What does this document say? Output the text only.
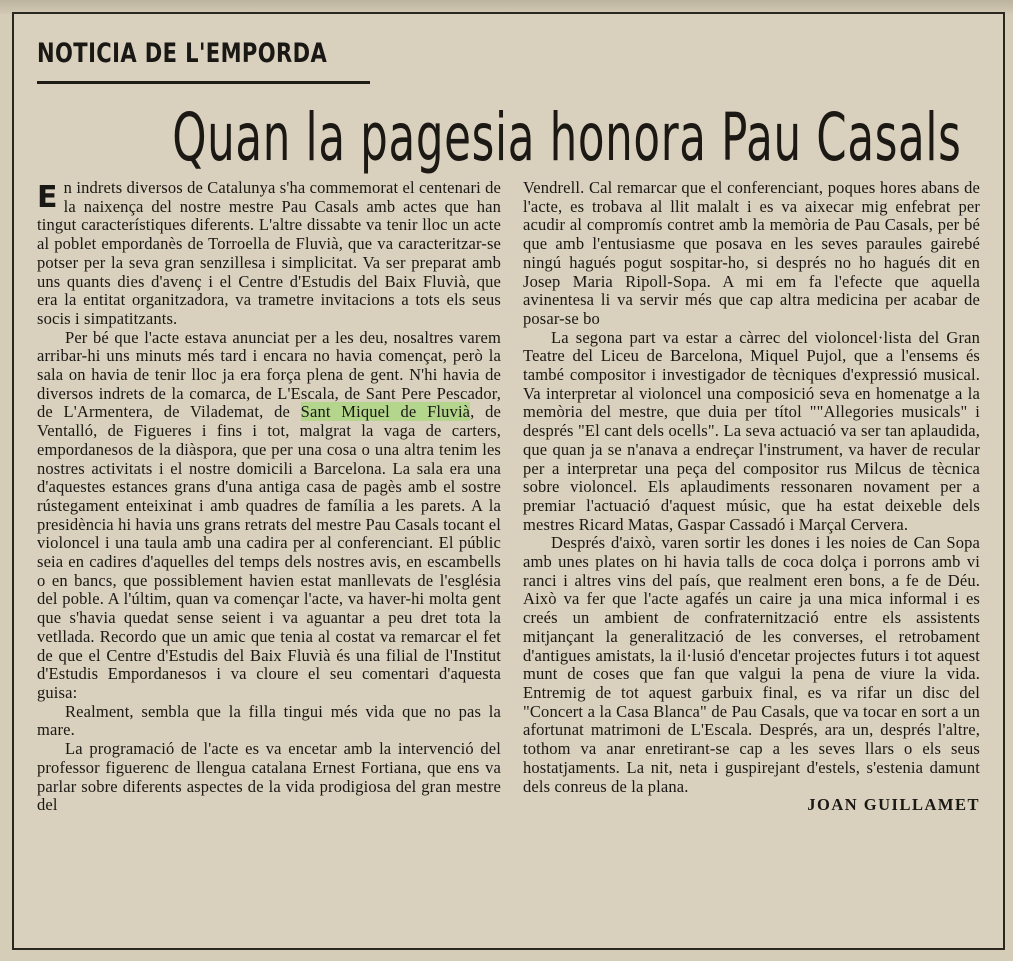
NOTICIA DE L'EMPORDA
Quan la pagesia honora Pau Casals

En indrets diversos de Catalunya s'ha commemorat el centenari de la naixença del nostre mestre Pau Casals amb actes que han tingut característiques diferents. L'altre dissabte va tenir lloc un acte al poblet empordanès de Torroella de Fluvià, que va caracteritzar-se potser per la seva gran senzillesa i simplicitat. Va ser preparat amb uns quants dies d'avenç i el Centre d'Estudis del Baix Fluvià, que era la entitat organitzadora, va trametre invitacions a tots els seus socis i simpatitzants.

Per bé que l'acte estava anunciat per a les deu, nosaltres varem arribar-hi uns minuts més tard i encara no havia començat, però la sala on havia de tenir lloc ja era força plena de gent. N'hi havia de diversos indrets de la comarca, de L'Escala, de Sant Pere Pescador, de L'Armentera, de Vilademat, de Sant Miquel de Fluvià, de Ventalló, de Figueres i fins i tot, malgrat la vaga de carters, empordanesos de la diàspora, que per una cosa o una altra tenim les nostres activitats i el nostre domicili a Barcelona. La sala era una d'aquestes estances grans d'una antiga casa de pagès amb el sostre rústegament enteixinat i amb quadres de família a les parets. A la presidència hi havia uns grans retrats del mestre Pau Casals tocant el violoncel i una taula amb una cadira per al conferenciant. El públic seia en cadires d'aquelles del temps dels nostres avis, en escambells o en bancs, que possiblement havien estat manllevats de l'església del poble. A l'últim, quan va començar l'acte, va haver-hi molta gent que s'havia quedat sense seient i va aguantar a peu dret tota la vetllada. Recordo que un amic que tenia al costat va remarcar el fet de que el Centre d'Estudis del Baix Fluvià és una filial de l'Institut d'Estudis Empordanesos i va cloure el seu comentari d'aquesta guisa:

Realment, sembla que la filla tingui més vida que no pas la mare.

La programació de l'acte es va encetar amb la intervenció del professor figuerenc de llengua catalana Ernest Fortiana, que ens va parlar sobre diferents aspectes de la vida prodigiosa del gran mestre del

Vendrell. Cal remarcar que el conferenciant, poques hores abans de l'acte, es trobava al llit malalt i es va aixecar mig enfebrat per acudir al compromís contret amb la memòria de Pau Casals, per bé que amb l'entusiasme que posava en les seves paraules gairebé ningú hagués pogut sospitar-ho, si després no ho hagués dit en Josep Maria Ripoll-Sopa. A mi em fa l'efecte que aquella avinentesa li va servir més que cap altra medicina per acabar de posar-se bo

La segona part va estar a càrrec del violoncel·lista del Gran Teatre del Liceu de Barcelona, Miquel Pujol, que a l'ensems és també compositor i investigador de tècniques d'expressió musical. Va interpretar al violoncel una composició seva en homenatge a la memòria del mestre, que duia per títol ""Allegories musicals" i després "El cant dels ocells". La seva actuació va ser tan aplaudida, que quan ja se n'anava a endreçar l'instrument, va haver de recular per a interpretar una peça del compositor rus Milcus de tècnica sobre violoncel. Els aplaudiments ressonaren novament per a premiar l'actuació d'aquest músic, que ha estat deixeble dels mestres Ricard Matas, Gaspar Cassadó i Marçal Cervera.

Després d'això, varen sortir les dones i les noies de Can Sopa amb unes plates on hi havia talls de coca dolça i porrons amb vi ranci i altres vins del país, que realment eren bons, a fe de Déu. Això va fer que l'acte agafés un caire ja una mica informal i es creés un ambient de confraternització entre els assistents mitjançant la generalització de les converses, el retrobament d'antigues amistats, la il·lusió d'encetar projectes futurs i tot aquest munt de coses que fan que valgui la pena de viure la vida. Entremig de tot aquest garbuix final, es va rifar un disc del "Concert a la Casa Blanca" de Pau Casals, que va tocar en sort a un afortunat matrimoni de L'Escala. Després, ara un, després l'altre, tothom va anar enretirant-se cap a les seves llars o els seus hostatjaments. La nit, neta i guspirejant d'estels, s'estenia damunt dels conreus de la plana.

JOAN GUILLAMET
